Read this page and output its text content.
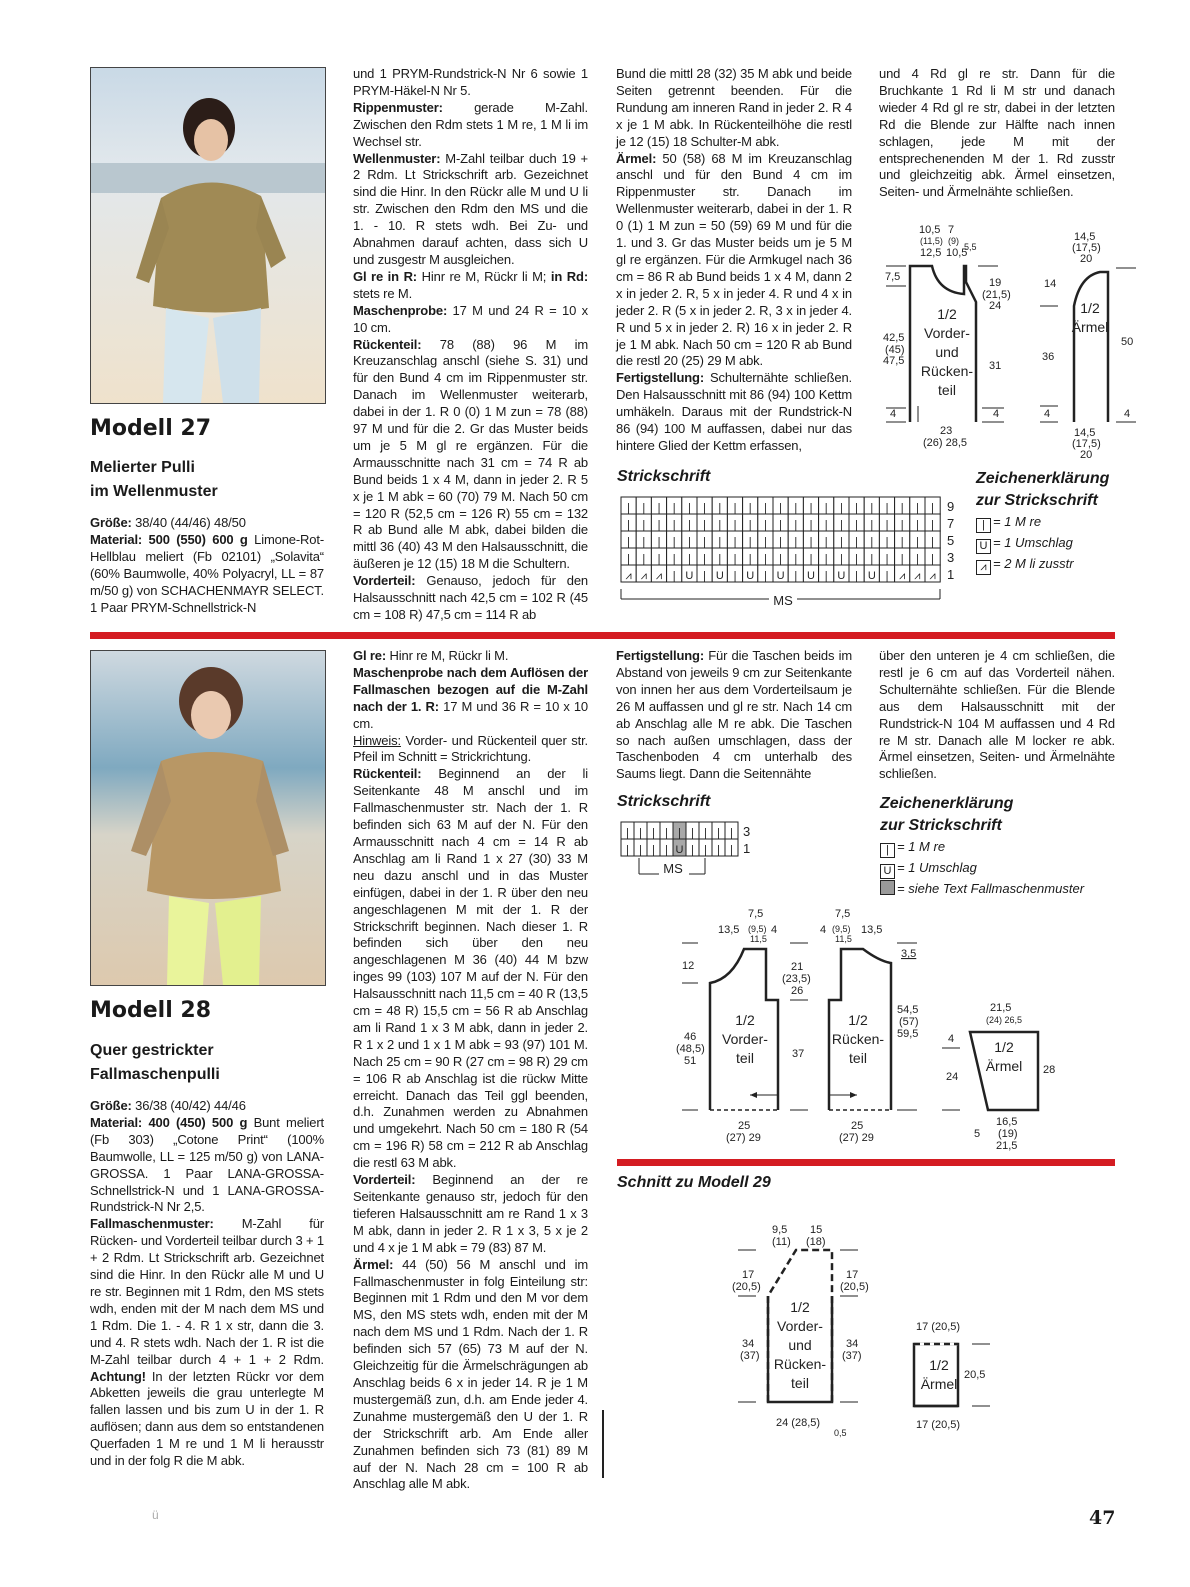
Modell 27
Melierter Pulli
im Wellenmuster
Größe: 38/40 (44/46) 48/50
Material: 500 (550) 600 g Limone-Rot-Hellblau meliert (Fb 02101) „Solavita“ (60% Baumwolle, 40% Polyacryl, LL = 87 m/50 g) von SCHACHENMAYR SELECT. 1 Paar PRYM-Schnellstrick-N

und 1 PRYM-Rundstrick-N Nr 6 sowie 1 PRYM-Häkel-N Nr 5.

Rippenmuster: gerade M-Zahl. Zwischen den Rdm stets 1 M re, 1 M li im Wechsel str.

Wellenmuster: M-Zahl teilbar duch 19 + 2 Rdm. Lt Strickschrift arb. Gezeichnet sind die Hinr. In den Rückr alle M und U li str. Zwischen den Rdm den MS und die 1. - 10. R stets wdh. Bei Zu- und Abnahmen darauf achten, dass sich U und zusgestr M ausgleichen.

Gl re in R: Hinr re M, Rückr li M; in Rd: stets re M.

Maschenprobe: 17 M und 24 R = 10 x 10 cm.

Rückenteil: 78 (88) 96 M im Kreuzanschlag anschl (siehe S. 31) und für den Bund 4 cm im Rippenmuster str. Danach im Wellenmuster weiterarb, dabei in der 1. R 0 (0) 1 M zun = 78 (88) 97 M und für die 2. Gr das Muster beids um je 5 M gl re ergänzen. Für die Armausschnitte nach 31 cm = 74 R ab Bund beids 1 x 4 M, dann in jeder 2. R 5 x je 1 M abk = 60 (70) 79 M. Nach 50 cm = 120 R (52,5 cm = 126 R) 55 cm = 132 R ab Bund alle M abk, dabei bilden die mittl 36 (40) 43 M den Halsausschnitt, die äußeren je 12 (15) 18 M die Schultern.

Vorderteil: Genauso, jedoch für den Halsausschnitt nach 42,5 cm = 102 R (45 cm = 108 R) 47,5 cm = 114 R ab

Bund die mittl 28 (32) 35 M abk und beide Seiten getrennt beenden. Für die Rundung am inneren Rand in jeder 2. R 4 x je 1 M abk. In Rückenteilhöhe die restl je 12 (15) 18 Schulter-M abk.

Ärmel: 50 (58) 68 M im Kreuzanschlag anschl und für den Bund 4 cm im Rippenmuster str. Danach im Wellenmuster weiterarb, dabei in der 1. R 0 (1) 1 M zun = 50 (59) 69 M und für die 1. und 3. Gr das Muster beids um je 5 M gl re ergänzen. Für die Armkugel nach 36 cm = 86 R ab Bund beids 1 x 4 M, dann 2 x in jeder 2. R, 5 x in jeder 4. R und 4 x in jeder 2. R (5 x in jeder 2. R, 3 x in jeder 4. R und 5 x in jeder 2. R) 16 x in jeder 2. R je 1 M abk. Nach 50 cm = 120 R ab Bund die restl 20 (25) 29 M abk.

Fertigstellung: Schulternähte schließen. Den Halsausschnitt mit 86 (94) 100 Kettm umhäkeln. Daraus mit der Rundstrick-N 86 (94) 100 M auffassen, dabei nur das hintere Glied der Kettm erfassen,

und 4 Rd gl re str. Dann für die Bruchkante 1 Rd li M str und danach wieder 4 Rd gl re str, dabei in der letzten Rd die Blende zur Hälfte nach innen schlagen, jede M mit der entsprechenenden M der 1. Rd zusstr und gleichzeitig abk. Ärmel einsetzen, Seiten- und Ärmelnähte schließen.

10,5 7
(11,5) (9)
5,5
12,5 10,5
7,5	19
(21,5)
24
42,5
(45)
47,5	31
4	4
23
(26) 28,5
1/2
Vorder-
und
Rücken-
teil
14,5
(17,5)
20
14
36
50
4	4
14,5
(17,5)
20
1/2
Ärmel
Strickschrift
| | | | | | | | | | | | | | | | | | | | |
| | | | | | | | | | | | | | | | | | | | |
| | | | | | | | | | | | | | | | | | | | |
| | | | | | | | | | | | | | | | | | | | |
⩘ ⩘ ⩘ | U | U | U | U | U | U | U | ⩘ ⩘ ⩘
9
7
5
3
1
MS
Zeichenerklärung
zur Strickschrift
| = 1 M re
U = 1 Umschlag
⩘ = 2 M li zusstr
Modell 28
Quer gestrickter
Fallmaschenpulli
Größe: 36/38 (40/42) 44/46
Material: 400 (450) 500 g Bunt meliert (Fb 303) „Cotone Print“ (100% Baumwolle, LL = 125 m/50 g) von LANA-GROSSA. 1 Paar LANA-GROSSA-Schnellstrick-N und 1 LANA-GROSSA-Rundstrick-N Nr 2,5.
Fallmaschenmuster: M-Zahl für Rücken- und Vorderteil teilbar durch 3 + 1 + 2 Rdm. Lt Strickschrift arb. Gezeichnet sind die Hinr. In den Rückr alle M und U re str. Beginnen mit 1 Rdm, den MS stets wdh, enden mit der M nach dem MS und 1 Rdm. Die 1. - 4. R 1 x str, dann die 3. und 4. R stets wdh. Nach der 1. R ist die M-Zahl teilbar durch 4 + 1 + 2 Rdm. Achtung! In der letzten Rückr vor dem Abketten jeweils die grau unterlegte M fallen lassen und bis zum U in der 1. R auflösen; dann aus dem so entstandenen Querfaden 1 M re und 1 M li herausstr und in der folg R die M abk.

Gl re: Hinr re M, Rückr li M.

Maschenprobe nach dem Auflösen der Fallmaschen bezogen auf die M-Zahl nach der 1. R: 17 M und 36 R = 10 x 10 cm.

Hinweis: Vorder- und Rückenteil quer str. Pfeil im Schnitt = Strickrichtung.

Rückenteil: Beginnend an der li Seitenkante 48 M anschl und im Fallmaschenmuster str. Nach der 1. R befinden sich 63 M auf der N. Für den Armausschnitt nach 4 cm = 14 R ab Anschlag am li Rand 1 x 27 (30) 33 M neu dazu anschl und in das Muster einfügen, dabei in der 1. R über den neu angeschlagenen M mit der 1. R der Strickschrift beginnen. Nach dieser 1. R befinden sich über den neu angeschlagenen M 36 (40) 44 M bzw inges 99 (103) 107 M auf der N. Für den Halsausschnitt nach 11,5 cm = 40 R (13,5 cm = 48 R) 15,5 cm = 56 R ab Anschlag am li Rand 1 x 3 M abk, dann in jeder 2. R 1 x 2 und 1 x 1 M abk = 93 (97) 101 M. Nach 25 cm = 90 R (27 cm = 98 R) 29 cm = 106 R ab Anschlag ist die rückw Mitte erreicht. Danach das Teil ggl beenden, d.h. Zunahmen werden zu Abnahmen und umgekehrt. Nach 50 cm = 180 R (54 cm = 196 R) 58 cm = 212 R ab Anschlag die restl 63 M abk.

Vorderteil: Beginnend an der re Seitenkante genauso str, jedoch für den tieferen Halsausschnitt am re Rand 1 x 3 M abk, dann in jeder 2. R 1 x 3, 5 x je 2 und 4 x je 1 M abk = 79 (83) 87 M.

Ärmel: 44 (50) 56 M anschl und im Fallmaschenmuster in folg Einteilung str: Beginnen mit 1 Rdm und den M vor dem MS, den MS stets wdh, enden mit der M nach dem MS und 1 Rdm. Nach der 1. R befinden sich 57 (65) 73 M auf der N. Gleichzeitig für die Ärmelschrägungen ab Anschlag beids 6 x in jeder 14. R je 1 M mustergemäß zun, d.h. am Ende jeder 4. Zunahme mustergemäß den U der 1. R der Strickschrift arb. Am Ende aller Zunahmen befinden sich 73 (81) 89 M auf der N. Nach 28 cm = 100 R ab Anschlag alle M abk.

Fertigstellung: Für die Taschen beids im Abstand von jeweils 9 cm zur Seitenkante von innen her aus dem Vorderteilsaum je 26 M auffassen und gl re str. Nach 14 cm ab Anschlag alle M re abk. Die Taschen so nach außen umschlagen, dass der Taschenboden 4 cm unterhalb des Saums liegt. Dann die Seitennähte

über den unteren je 4 cm schließen, die restl je 6 cm auf das Vorderteil nähen. Schulternähte schließen. Für die Blende aus dem Halsausschnitt mit der Rundstrick-N 104 M auffassen und 4 Rd re M str. Danach alle M locker re abk. Ärmel einsetzen, Seiten- und Ärmelnähte schließen.

Strickschrift
| | | | | | | | |
| | | | U | | | |
3
1
MS
Zeichenerklärung
zur Strickschrift
| = 1 M re
U = 1 Umschlag
= siehe Text Fallmaschenmuster
7,5
13,5 (9,5) 4
11,5
12	21
(23,5)
26
46
(48,5)
51
37
25
(27) 29
1/2
Vorder-
teil
7,5
4 (9,5)
11,5
13,5
3,5
54,5
(57)
59,5
25
(27) 29
1/2
Rücken-
teil
21,5
(24) 26,5
4
24
28
5
16,5
(19)
21,5
1/2
Ärmel
Schnitt zu Modell 29
9,5
(11)
15
(18)
17
(20,5)
17
(20,5)
34
(37)
34
(37)
24 (28,5)
0,5
1/2
Vorder-
und
Rücken-
teil
17 (20,5)
20,5
17 (20,5)
1/2
Ärmel
ü	47
